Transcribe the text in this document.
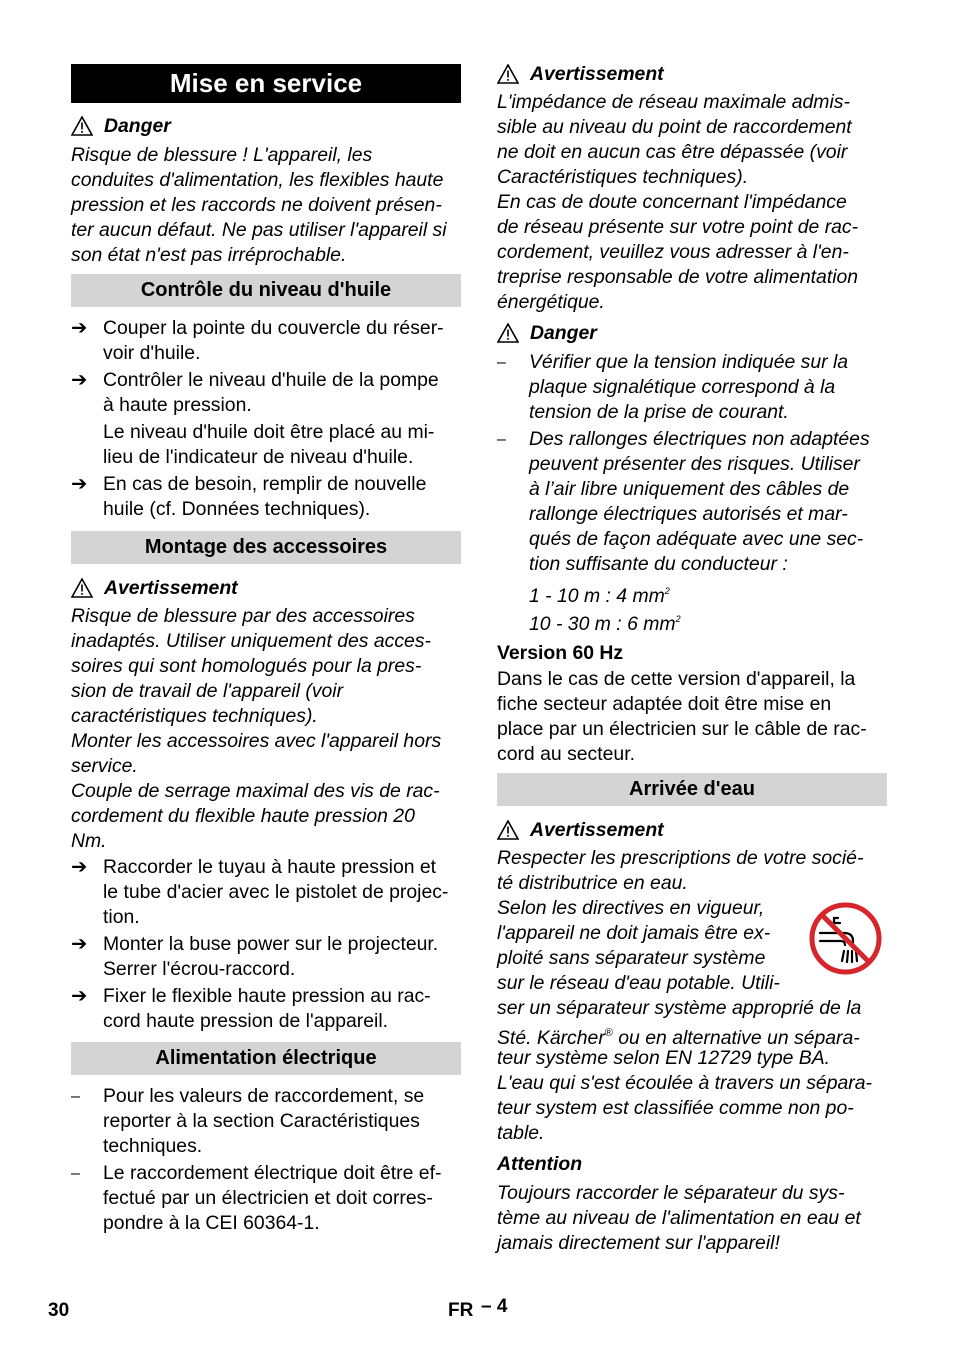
Mise en service
Danger
Risque de blessure ! L'appareil, les
conduites d'alimentation, les flexibles haute
pression et les raccords ne doivent présen-
ter aucun défaut. Ne pas utiliser l'appareil si
son état n'est pas irréprochable.
Contrôle du niveau d'huile
➔ Couper la pointe du couvercle du réser-
voir d'huile.
➔ Contrôler le niveau d'huile de la pompe
à haute pression.
Le niveau d'huile doit être placé au mi-
lieu de l'indicateur de niveau d'huile.
➔ En cas de besoin, remplir de nouvelle
huile (cf. Données techniques).
Montage des accessoires
Avertissement
Risque de blessure par des accessoires
inadaptés. Utiliser uniquement des acces-
soires qui sont homologués pour la pres-
sion de travail de l'appareil (voir
caractéristiques techniques).
Monter les accessoires avec l'appareil hors
service.
Couple de serrage maximal des vis de rac-
cordement du flexible haute pression 20
Nm.
➔ Raccorder le tuyau à haute pression et
le tube d'acier avec le pistolet de projec-
tion.
➔ Monter la buse power sur le projecteur.
Serrer l'écrou-raccord.
➔ Fixer le flexible haute pression au rac-
cord haute pression de l'appareil.
Alimentation électrique
– Pour les valeurs de raccordement, se
reporter à la section Caractéristiques
techniques.
– Le raccordement électrique doit être ef-
fectué par un électricien et doit corres-
pondre à la CEI 60364-1.
Avertissement
L'impédance de réseau maximale admis-
sible au niveau du point de raccordement
ne doit en aucun cas être dépassée (voir
Caractéristiques techniques).
En cas de doute concernant l'impédance
de réseau présente sur votre point de rac-
cordement, veuillez vous adresser à l'en-
treprise responsable de votre alimentation
énergétique.
Danger
– Vérifier que la tension indiquée sur la
plaque signalétique correspond à la
tension de la prise de courant.
– Des rallonges électriques non adaptées
peuvent présenter des risques. Utiliser
à l’air libre uniquement des câbles de
rallonge électriques autorisés et mar-
qués de façon adéquate avec une sec-
tion suffisante du conducteur :
1 - 10 m : 4 $mm^2$
10 - 30 m : 6 $mm^2$
Version 60 Hz
Dans le cas de cette version d'appareil, la
fiche secteur adaptée doit être mise en
place par un électricien sur le câble de rac-
cord au secteur.
Arrivée d'eau
Avertissement
Respecter les prescriptions de votre socié-
té distributrice en eau.
Selon les directives en vigueur,
l'appareil ne doit jamais être ex-
ploité sans séparateur système
sur le réseau d'eau potable. Utili-
ser un séparateur système approprié de la
Sté. Kärcher® ou en alternative un sépara-
teur système selon EN 12729 type BA.
L'eau qui s'est écoulée à travers un sépara-
teur system est classifiée comme non po-
table.
Attention
Toujours raccorder le séparateur du sys-
tème au niveau de l'alimentation en eau et
jamais directement sur l'appareil!
30	FR – 4
